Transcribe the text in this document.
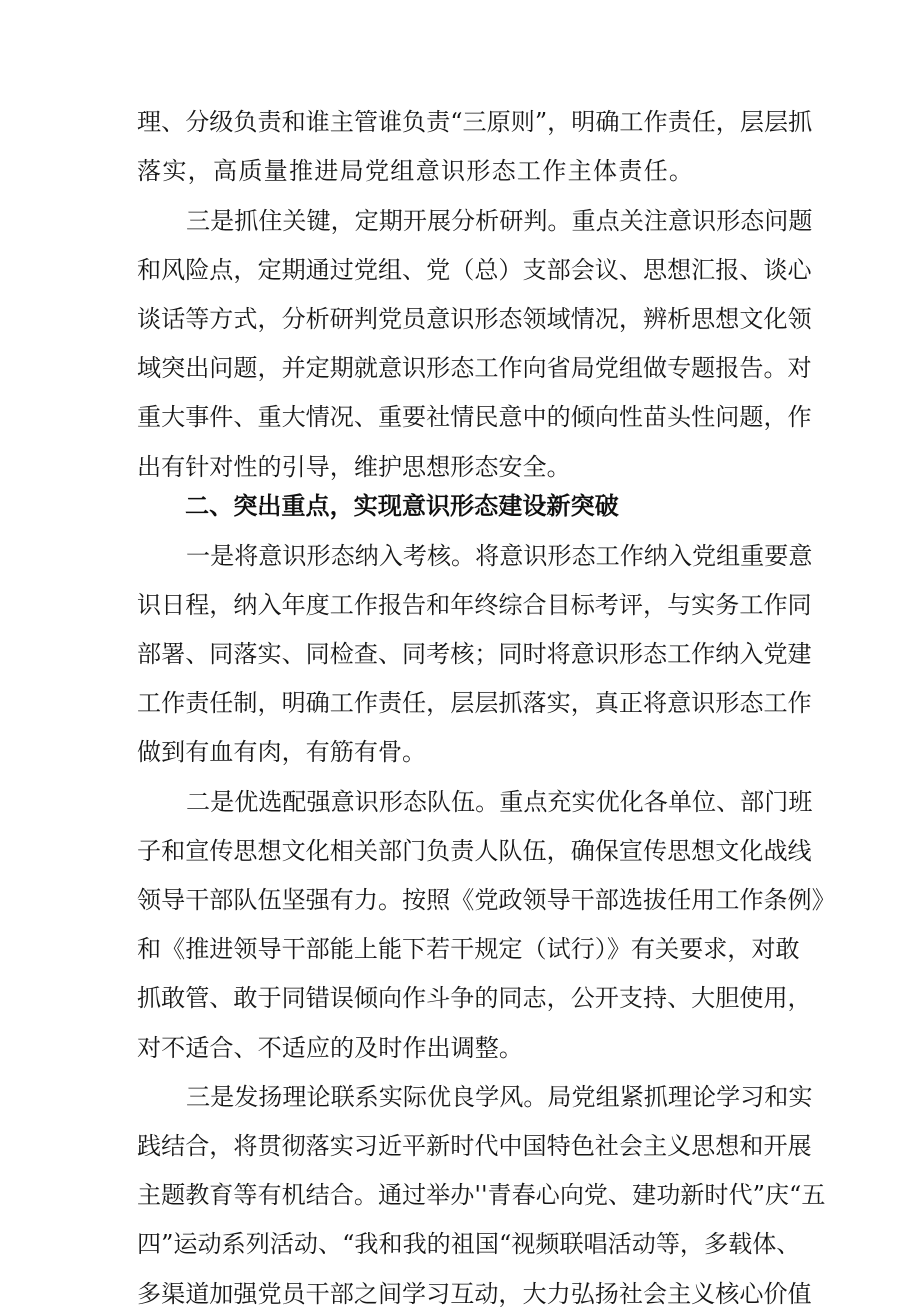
理、分级负责和谁主管谁负责“三原则”，明确工作责任，层层抓
落实，高质量推进局党组意识形态工作主体责任。
三是抓住关键，定期开展分析研判。重点关注意识形态问题
和风险点，定期通过党组、党（总）支部会议、思想汇报、谈心
谈话等方式，分析研判党员意识形态领域情况，辨析思想文化领
域突出问题，并定期就意识形态工作向省局党组做专题报告。对
重大事件、重大情况、重要社情民意中的倾向性苗头性问题，作
出有针对性的引导，维护思想形态安全。
二、突出重点，实现意识形态建设新突破
一是将意识形态纳入考核。将意识形态工作纳入党组重要意
识日程，纳入年度工作报告和年终综合目标考评，与实务工作同
部署、同落实、同检查、同考核；同时将意识形态工作纳入党建
工作责任制，明确工作责任，层层抓落实，真正将意识形态工作
做到有血有肉，有筋有骨。
二是优选配强意识形态队伍。重点充实优化各单位、部门班
子和宣传思想文化相关部门负责人队伍，确保宣传思想文化战线
领导干部队伍坚强有力。按照《党政领导干部选拔任用工作条例》
和《推进领导干部能上能下若干规定（试行）》有关要求，对敢
抓敢管、敢于同错误倾向作斗争的同志，公开支持、大胆使用，
对不适合、不适应的及时作出调整。
三是发扬理论联系实际优良学风。局党组紧抓理论学习和实
践结合，将贯彻落实习近平新时代中国特色社会主义思想和开展
主题教育等有机结合。通过举办''青春心向党、建功新时代”庆“五
四”运动系列活动、“我和我的祖国“视频联唱活动等，多载体、
多渠道加强党员干部之间学习互动，大力弘扬社会主义核心价值
